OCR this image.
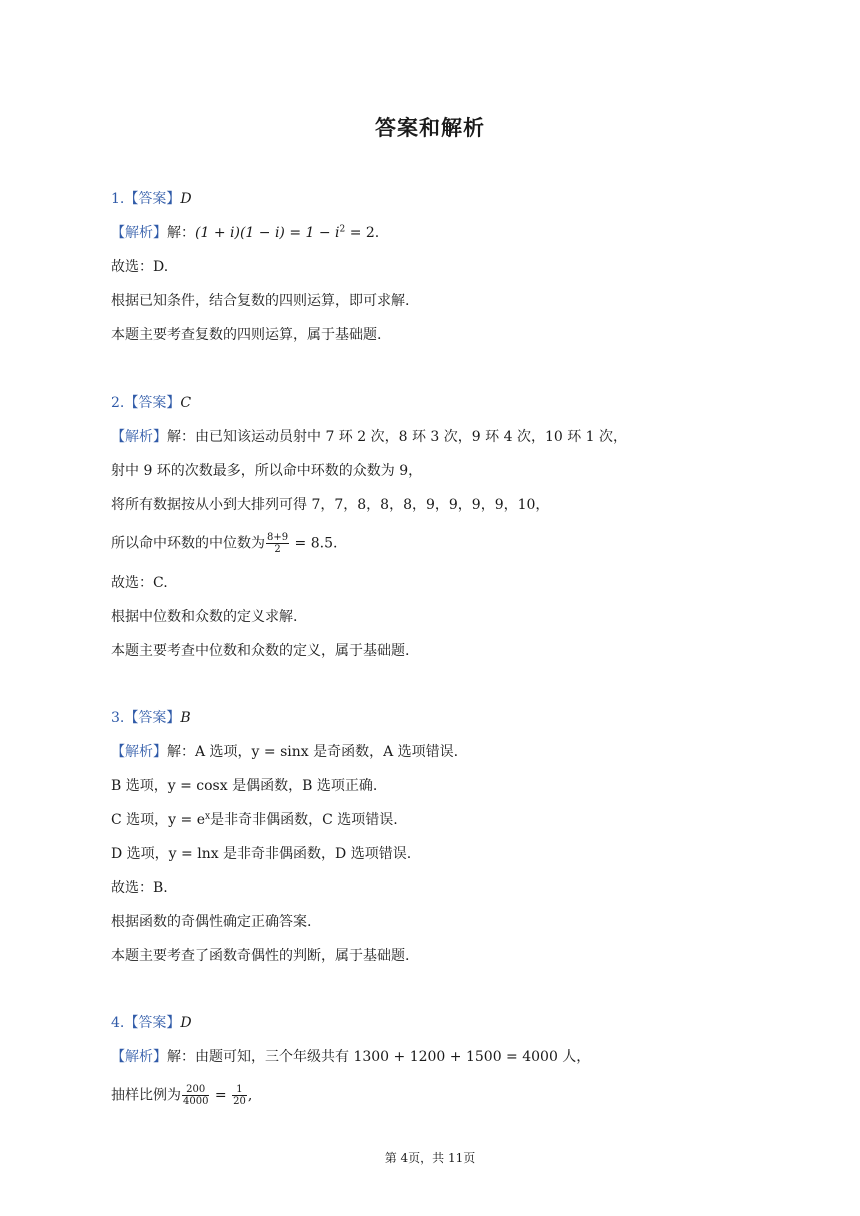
答案和解析
1.【答案】D
【解析】解：$(1 + i)(1 - i) = 1 - i^2 = 2$.
故选：D.
根据已知条件，结合复数的四则运算，即可求解.
本题主要考查复数的四则运算，属于基础题.
2.【答案】C
【解析】解：由已知该运动员射中 7 环 2 次，8 环 3 次，9 环 4 次，10 环 1 次，
射中 9 环的次数最多，所以命中环数的众数为 9，
将所有数据按从小到大排列可得 7，7，8，8，8，9，9，9，9，10，
所以命中环数的中位数为 $\frac{8+9}{2} = 8.5$.
故选：C.
根据中位数和众数的定义求解.
本题主要考查中位数和众数的定义，属于基础题.
3.【答案】B
【解析】解：A 选项，y = sinx 是奇函数，A 选项错误.
B 选项，y = cosx 是偶函数，B 选项正确.
C 选项，$y = e^x$是非奇非偶函数，C 选项错误.
D 选项，y = lnx 是非奇非偶函数，D 选项错误.
故选：B.
根据函数的奇偶性确定正确答案.
本题主要考查了函数奇偶性的判断，属于基础题.
4.【答案】D
【解析】解：由题可知，三个年级共有 1300 + 1200 + 1500 = 4000 人，
抽样比例为 $\frac{200}{4000} = \frac{1}{20}$ ,
第 4页，共 11页
